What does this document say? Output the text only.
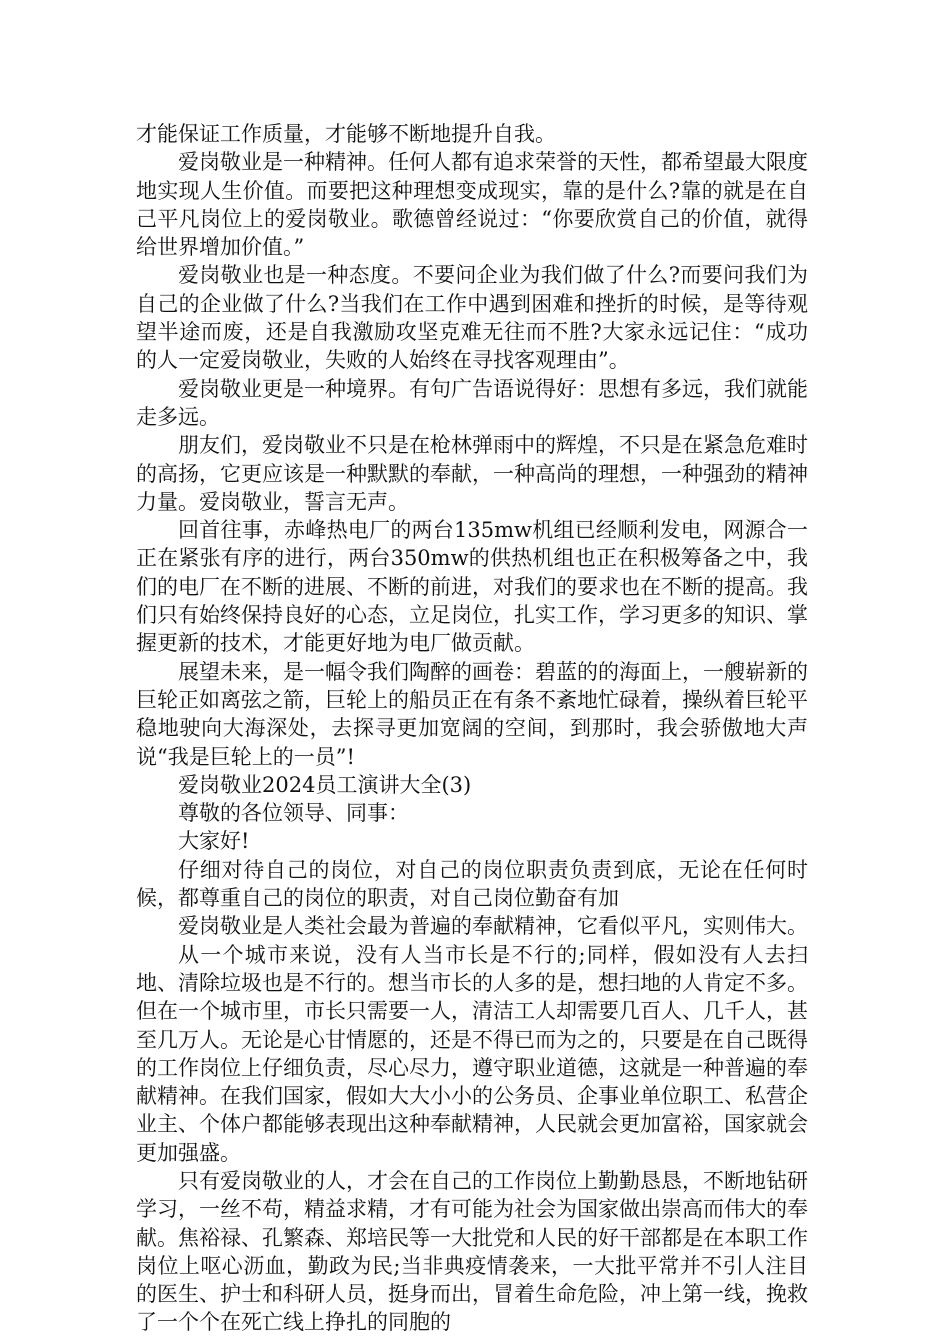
才能保证工作质量，才能够不断地提升自我。

爱岗敬业是一种精神。任何人都有追求荣誉的天性，都希望最大限度地实现人生价值。而要把这种理想变成现实，靠的是什么?靠的就是在自己平凡岗位上的爱岗敬业。歌德曾经说过：“你要欣赏自己的价值，就得给世界增加价值。”

爱岗敬业也是一种态度。不要问企业为我们做了什么?而要问我们为自己的企业做了什么?当我们在工作中遇到困难和挫折的时候，是等待观望半途而废，还是自我激励攻坚克难无往而不胜?大家永远记住：“成功的人一定爱岗敬业，失败的人始终在寻找客观理由”。

爱岗敬业更是一种境界。有句广告语说得好：思想有多远，我们就能走多远。

朋友们，爱岗敬业不只是在枪林弹雨中的辉煌，不只是在紧急危难时的高扬，它更应该是一种默默的奉献，一种高尚的理想，一种强劲的精神力量。爱岗敬业，誓言无声。

回首往事，赤峰热电厂的两台135mw机组已经顺利发电，网源合一正在紧张有序的进行，两台350mw的供热机组也正在积极筹备之中，我们的电厂在不断的进展、不断的前进，对我们的要求也在不断的提高。我们只有始终保持良好的心态，立足岗位，扎实工作，学习更多的知识、掌握更新的技术，才能更好地为电厂做贡献。

展望未来，是一幅令我们陶醉的画卷：碧蓝的的海面上，一艘崭新的巨轮正如离弦之箭，巨轮上的船员正在有条不紊地忙碌着，操纵着巨轮平稳地驶向大海深处，去探寻更加宽阔的空间，到那时，我会骄傲地大声说“我是巨轮上的一员”!

爱岗敬业2024员工演讲大全(3)

尊敬的各位领导、同事：

大家好!

仔细对待自己的岗位，对自己的岗位职责负责到底，无论在任何时候，都尊重自己的岗位的职责，对自己岗位勤奋有加

爱岗敬业是人类社会最为普遍的奉献精神，它看似平凡，实则伟大。

从一个城市来说，没有人当市长是不行的;同样，假如没有人去扫地、清除垃圾也是不行的。想当市长的人多的是，想扫地的人肯定不多。但在一个城市里，市长只需要一人，清洁工人却需要几百人、几千人，甚至几万人。无论是心甘情愿的，还是不得已而为之的，只要是在自己既得的工作岗位上仔细负责，尽心尽力，遵守职业道德，这就是一种普遍的奉献精神。在我们国家，假如大大小小的公务员、企事业单位职工、私营企业主、个体户都能够表现出这种奉献精神，人民就会更加富裕，国家就会更加强盛。

只有爱岗敬业的人，才会在自己的工作岗位上勤勤恳恳，不断地钻研学习，一丝不苟，精益求精，才有可能为社会为国家做出崇高而伟大的奉献。焦裕禄、孔繁森、郑培民等一大批党和人民的好干部都是在本职工作岗位上呕心沥血，勤政为民;当非典疫情袭来，一大批平常并不引人注目的医生、护士和科研人员，挺身而出，冒着生命危险，冲上第一线，挽救了一个个在死亡线上挣扎的同胞的
